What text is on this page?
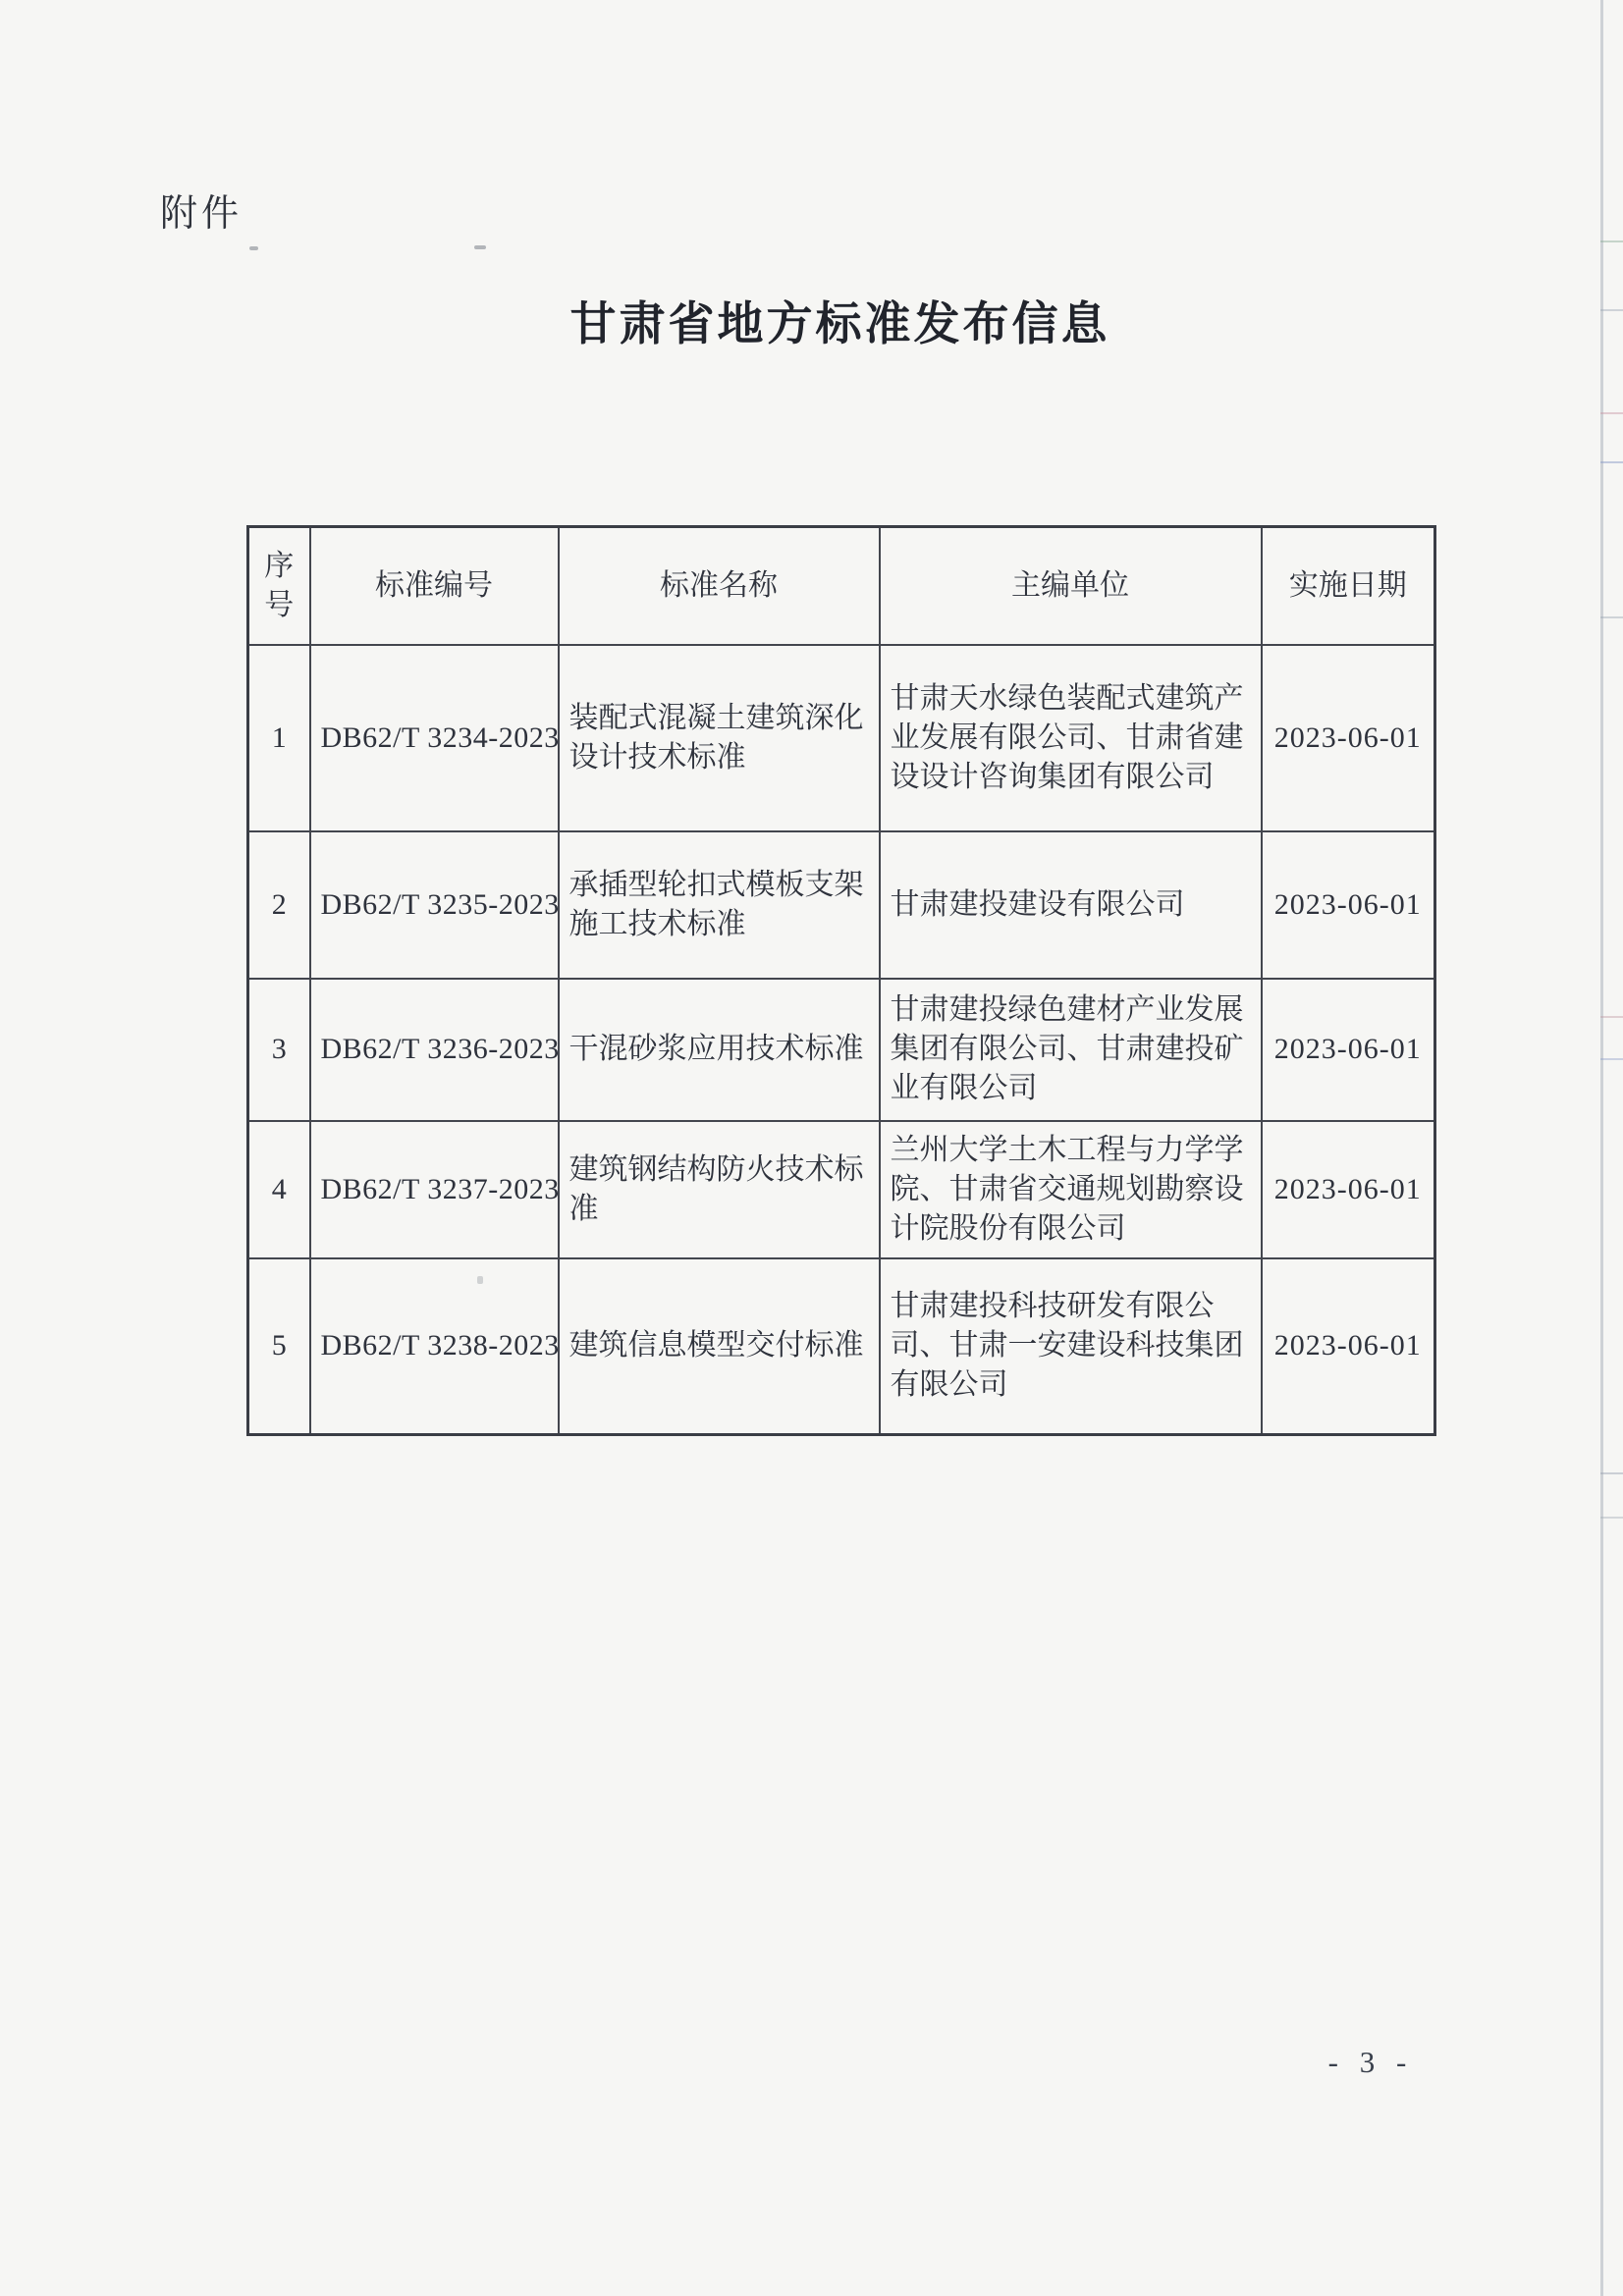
附件
甘肃省地方标准发布信息
序号	标准编号	标准名称	主编单位	实施日期
1	DB62/T 3234-2023	装配式混凝土建筑深化设计技术标准	甘肃天水绿色装配式建筑产业发展有限公司、甘肃省建设设计咨询集团有限公司	2023-06-01
2	DB62/T 3235-2023	承插型轮扣式模板支架施工技术标准	甘肃建投建设有限公司	2023-06-01
3	DB62/T 3236-2023	干混砂浆应用技术标准	甘肃建投绿色建材产业发展集团有限公司、甘肃建投矿业有限公司	2023-06-01
4	DB62/T 3237-2023	建筑钢结构防火技术标准	兰州大学土木工程与力学学院、甘肃省交通规划勘察设计院股份有限公司	2023-06-01
5	DB62/T 3238-2023	建筑信息模型交付标准	甘肃建投科技研发有限公司、甘肃一安建设科技集团有限公司	2023-06-01
- 3 -
